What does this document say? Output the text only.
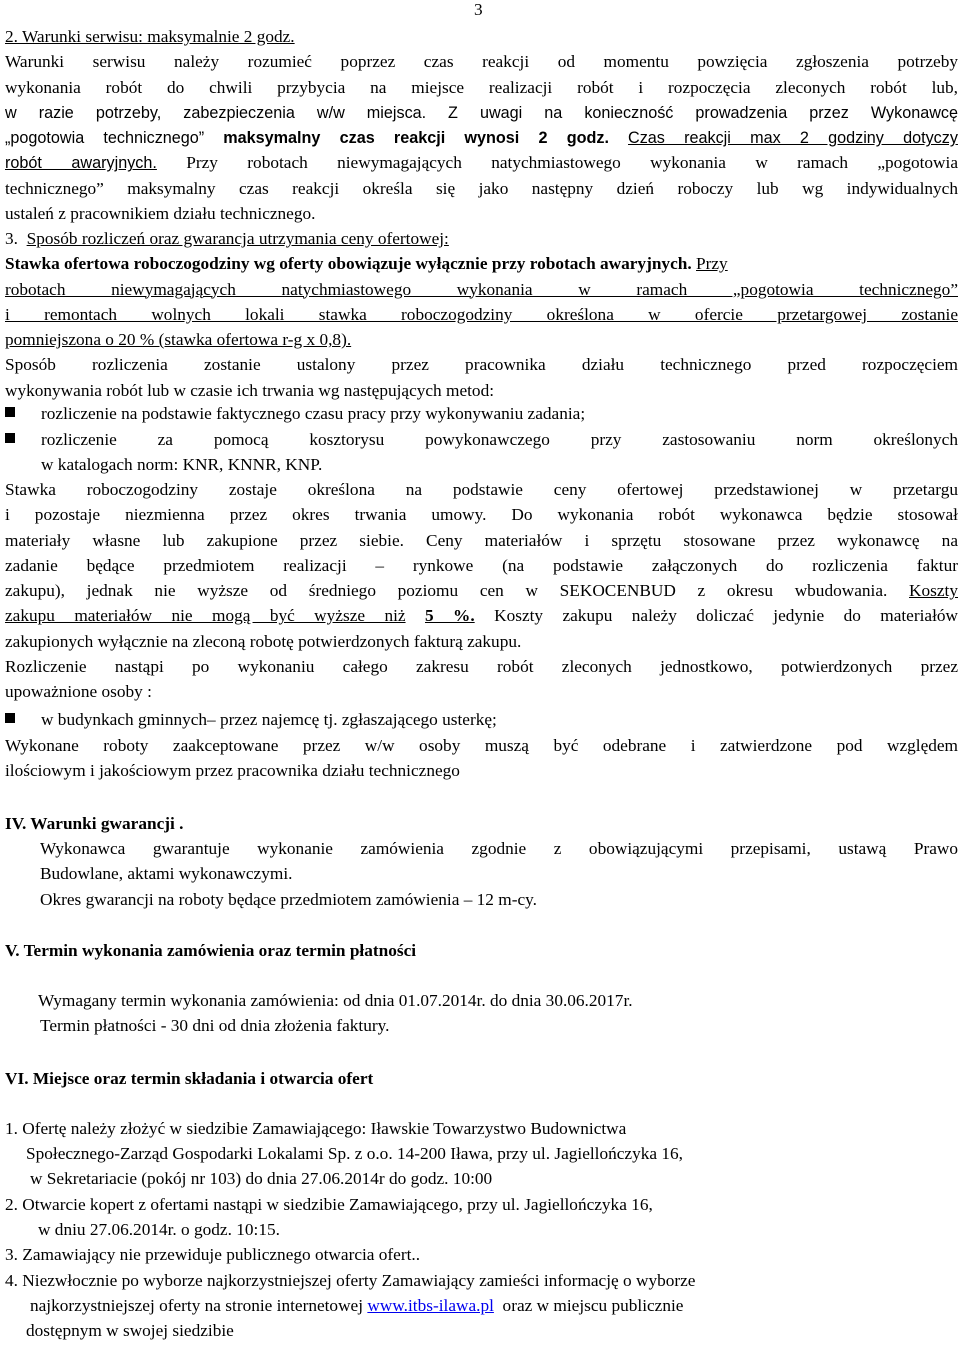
3

2. Warunki serwisu: maksymalnie 2 godz.
Warunki serwisu należy rozumieć poprzez czas reakcji od momentu powzięcia zgłoszenia potrzeby
wykonania robót do chwili przybycia na miejsce realizacji robót i rozpoczęcia zleconych robót lub,
w razie potrzeby, zabezpieczenia w/w miejsca. Z uwagi na konieczność prowadzenia przez Wykonawcę
„pogotowia technicznego” maksymalny czas reakcji wynosi 2 godz. Czas reakcji max 2 godziny dotyczy
robót awaryjnych. Przy robotach niewymagających natychmiastowego wykonania w ramach „pogotowia
technicznego” maksymalny czas reakcji określa się jako następny dzień roboczy lub wg indywidualnych
ustaleń z pracownikiem działu technicznego.
3. Sposób rozliczeń oraz gwarancja utrzymania ceny ofertowej:
Stawka ofertowa roboczogodziny wg oferty obowiązuje wyłącznie przy robotach awaryjnych. Przy
robotach niewymagających natychmiastowego wykonania w ramach „pogotowia technicznego”
i remontach wolnych lokali stawka roboczogodziny określona w ofercie przetargowej zostanie
pomniejszona o 20 % (stawka ofertowa r-g x 0,8).
Sposób rozliczenia zostanie ustalony przez pracownika działu technicznego przed rozpoczęciem
wykonywania robót lub w czasie ich trwania wg następujących metod:

rozliczenie na podstawie faktycznego czasu pracy przy wykonywaniu zadania;

rozliczenie za pomocą kosztorysu powykonawczego przy zastosowaniu norm określonych

w katalogach norm: KNR, KNNR, KNP.

Stawka roboczogodziny zostaje określona na podstawie ceny ofertowej przedstawionej w przetargu
i pozostaje niezmienna przez okres trwania umowy. Do wykonania robót wykonawca będzie stosował
materiały własne lub zakupione przez siebie. Ceny materiałów i sprzętu stosowane przez wykonawcę na
zadanie będące przedmiotem realizacji – rynkowe (na podstawie załączonych do rozliczenia faktur
zakupu), jednak nie wyższe od średniego poziomu cen w SEKOCENBUD z okresu wbudowania. Koszty
zakupu materiałów nie mogą być wyższe niż 5 %. Koszty zakupu należy doliczać jedynie do materiałów
zakupionych wyłącznie na zleconą robotę potwierdzonych fakturą zakupu.
Rozliczenie nastąpi po wykonaniu całego zakresu robót zleconych jednostkowo, potwierdzonych przez
upoważnione osoby :

w budynkach gminnych– przez najemcę tj. zgłaszającego usterkę;

Wykonane roboty zaakceptowane przez w/w osoby muszą być odebrane i zatwierdzone pod względem
ilościowym i jakościowym przez pracownika działu technicznego

IV. Warunki gwarancji .

Wykonawca gwarantuje wykonanie zamówienia zgodnie z obowiązującymi przepisami, ustawą Prawo
Budowlane, aktami wykonawczymi.
Okres gwarancji na roboty będące przedmiotem zamówienia – 12 m-cy.

V. Termin wykonania zamówienia oraz termin płatności

Wymagany termin wykonania zamówienia: od dnia 01.07.2014r. do dnia 30.06.2017r.

Termin płatności - 30 dni od dnia złożenia faktury.

VI. Miejsce oraz termin składania i otwarcia ofert

1. Ofertę należy złożyć w siedzibie Zamawiającego: Iławskie Towarzystwo Budownictwa

Społecznego-Zarząd Gospodarki Lokalami Sp. z o.o. 14-200 Iława, przy ul. Jagiellończyka 16,

w Sekretariacie (pokój nr 103) do dnia 27.06.2014r do godz. 10:00

2. Otwarcie kopert z ofertami nastąpi w siedzibie Zamawiającego, przy ul. Jagiellończyka 16,

w dniu 27.06.2014r. o godz. 10:15.

3. Zamawiający nie przewiduje publicznego otwarcia ofert..

4. Niezwłocznie po wyborze najkorzystniejszej oferty Zamawiający zamieści informację o wyborze

najkorzystniejszej oferty na stronie internetowej www.itbs-ilawa.pl oraz w miejscu publicznie

dostępnym w swojej siedzibie
